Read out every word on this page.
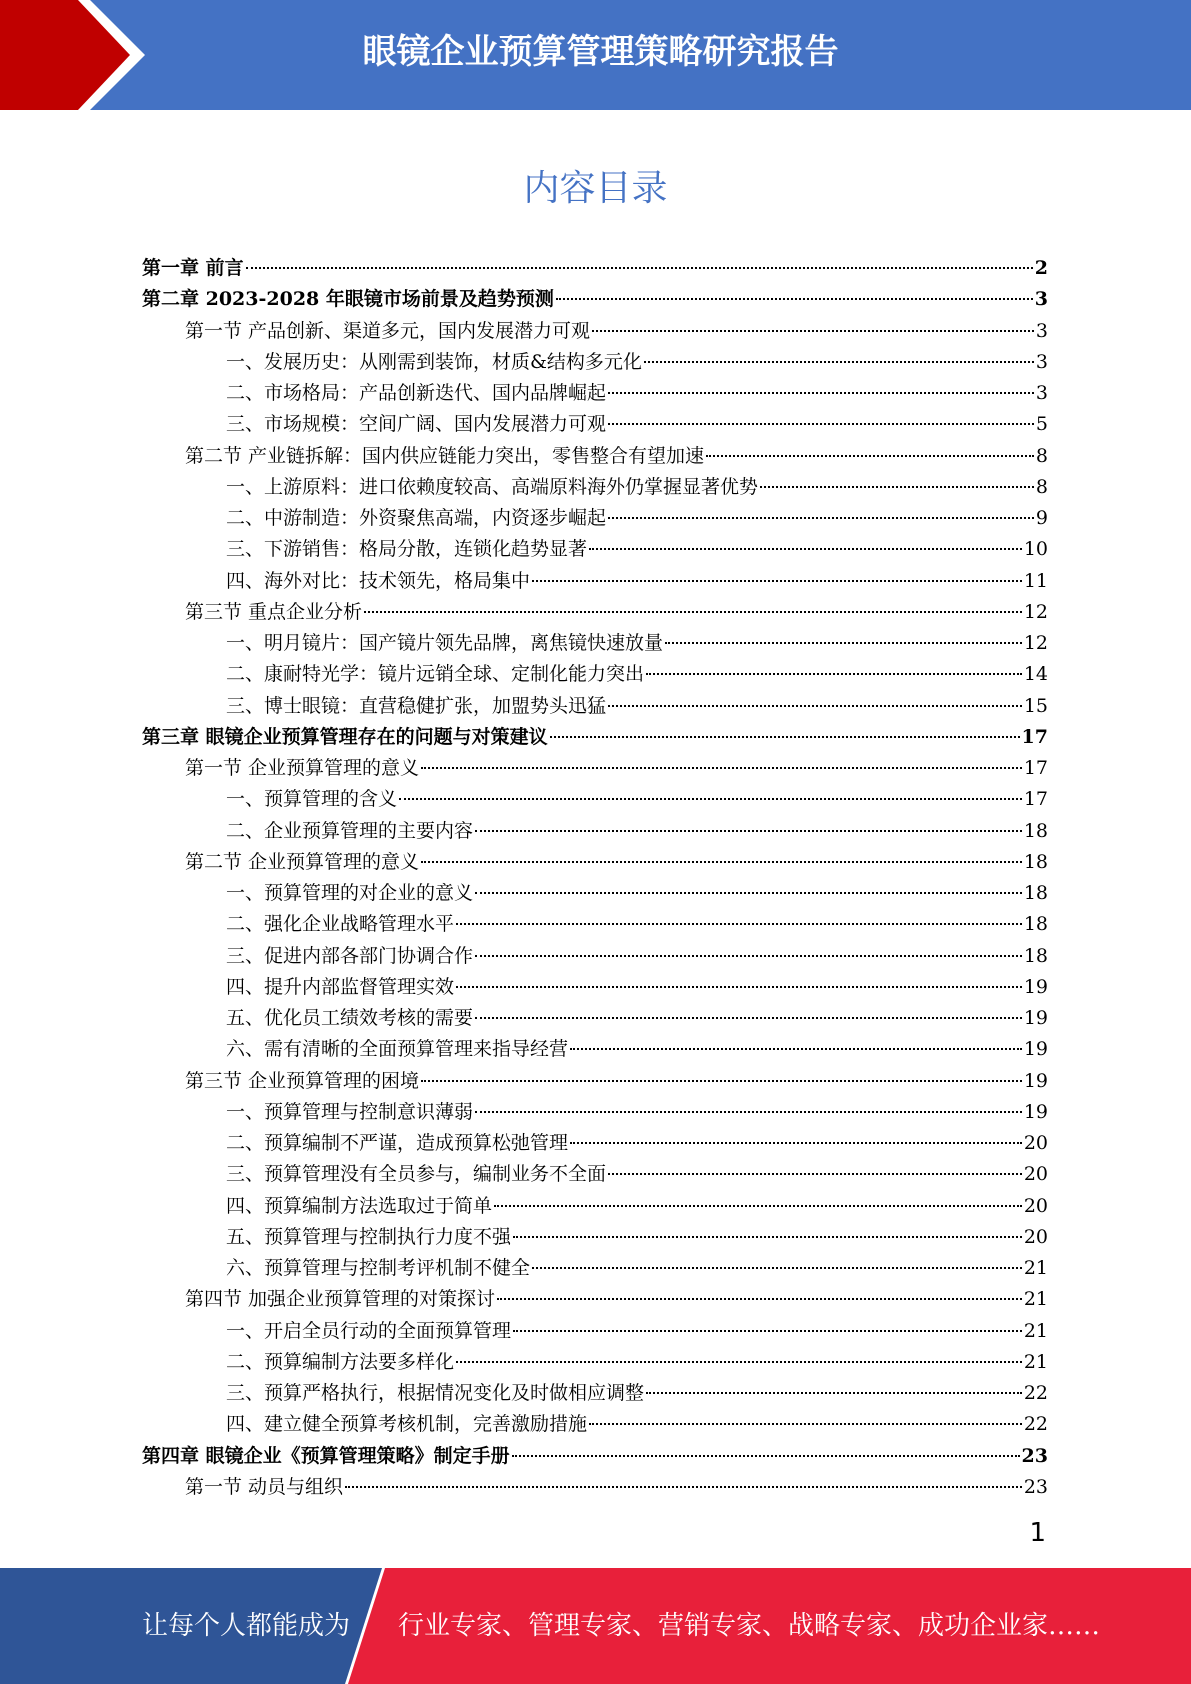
眼镜企业预算管理策略研究报告
内容目录
第一章 前言	2
第二章 2023-2028 年眼镜市场前景及趋势预测	3
第一节 产品创新、渠道多元，国内发展潜力可观	3
一、发展历史：从刚需到装饰，材质&结构多元化	3
二、市场格局：产品创新迭代、国内品牌崛起	3
三、市场规模：空间广阔、国内发展潜力可观	5
第二节 产业链拆解：国内供应链能力突出，零售整合有望加速	8
一、上游原料：进口依赖度较高、高端原料海外仍掌握显著优势	8
二、中游制造：外资聚焦高端，内资逐步崛起	9
三、下游销售：格局分散，连锁化趋势显著	10
四、海外对比：技术领先，格局集中	11
第三节 重点企业分析	12
一、明月镜片：国产镜片领先品牌，离焦镜快速放量	12
二、康耐特光学：镜片远销全球、定制化能力突出	14
三、博士眼镜：直营稳健扩张，加盟势头迅猛	15
第三章 眼镜企业预算管理存在的问题与对策建议	17
第一节 企业预算管理的意义	17
一、预算管理的含义	17
二、企业预算管理的主要内容	18
第二节 企业预算管理的意义	18
一、预算管理的对企业的意义	18
二、强化企业战略管理水平	18
三、促进内部各部门协调合作	18
四、提升内部监督管理实效	19
五、优化员工绩效考核的需要	19
六、需有清晰的全面预算管理来指导经营	19
第三节 企业预算管理的困境	19
一、预算管理与控制意识薄弱	19
二、预算编制不严谨，造成预算松弛管理	20
三、预算管理没有全员参与，编制业务不全面	20
四、预算编制方法选取过于简单	20
五、预算管理与控制执行力度不强	20
六、预算管理与控制考评机制不健全	21
第四节 加强企业预算管理的对策探讨	21
一、开启全员行动的全面预算管理	21
二、预算编制方法要多样化	21
三、预算严格执行，根据情况变化及时做相应调整	22
四、建立健全预算考核机制，完善激励措施	22
第四章 眼镜企业《预算管理策略》制定手册	23
第一节 动员与组织	23
1
让每个人都能成为 行业专家、管理专家、营销专家、战略专家、成功企业家……
